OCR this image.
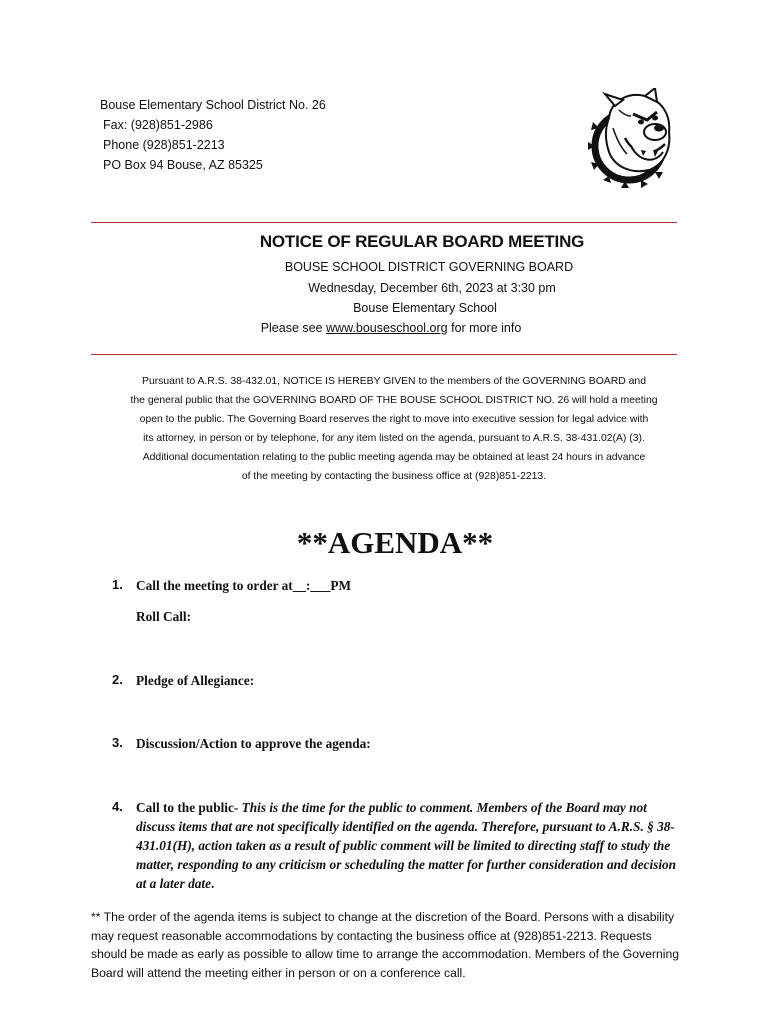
Bouse Elementary School District No. 26
Fax: (928)851-2986
Phone (928)851-2213
PO Box 94 Bouse, AZ 85325
NOTICE OF REGULAR BOARD MEETING
BOUSE SCHOOL DISTRICT GOVERNING BOARD
Wednesday, December 6th, 2023 at 3:30 pm
Bouse Elementary School
Please see www.bouseschool.org for more info
Pursuant to A.R.S. 38-432.01, NOTICE IS HEREBY GIVEN to the members of the GOVERNING BOARD and
the general public that the GOVERNING BOARD OF THE BOUSE SCHOOL DISTRICT NO. 26 will hold a meeting
open to the public. The Governing Board reserves the right to move into executive session for legal advice with
its attorney, in person or by telephone, for any item listed on the agenda, pursuant to A.R.S. 38-431.02(A) (3).
Additional documentation relating to the public meeting agenda may be obtained at least 24 hours in advance
of the meeting by contacting the business office at (928)851-2213.
**AGENDA**
1. Call the meeting to order at__:___PM
Roll Call:
2. Pledge of Allegiance:
3. Discussion/Action to approve the agenda:
4. Call to the public- This is the time for the public to comment. Members of the Board may not discuss items that are not specifically identified on the agenda. Therefore, pursuant to A.R.S. § 38- 431.01(H), action taken as a result of public comment will be limited to directing staff to study the matter, responding to any criticism or scheduling the matter for further consideration and decision at a later date.
** The order of the agenda items is subject to change at the discretion of the Board. Persons with a disability may request reasonable accommodations by contacting the business office at (928)851-2213. Requests should be made as early as possible to allow time to arrange the accommodation. Members of the Governing Board will attend the meeting either in person or on a conference call.
